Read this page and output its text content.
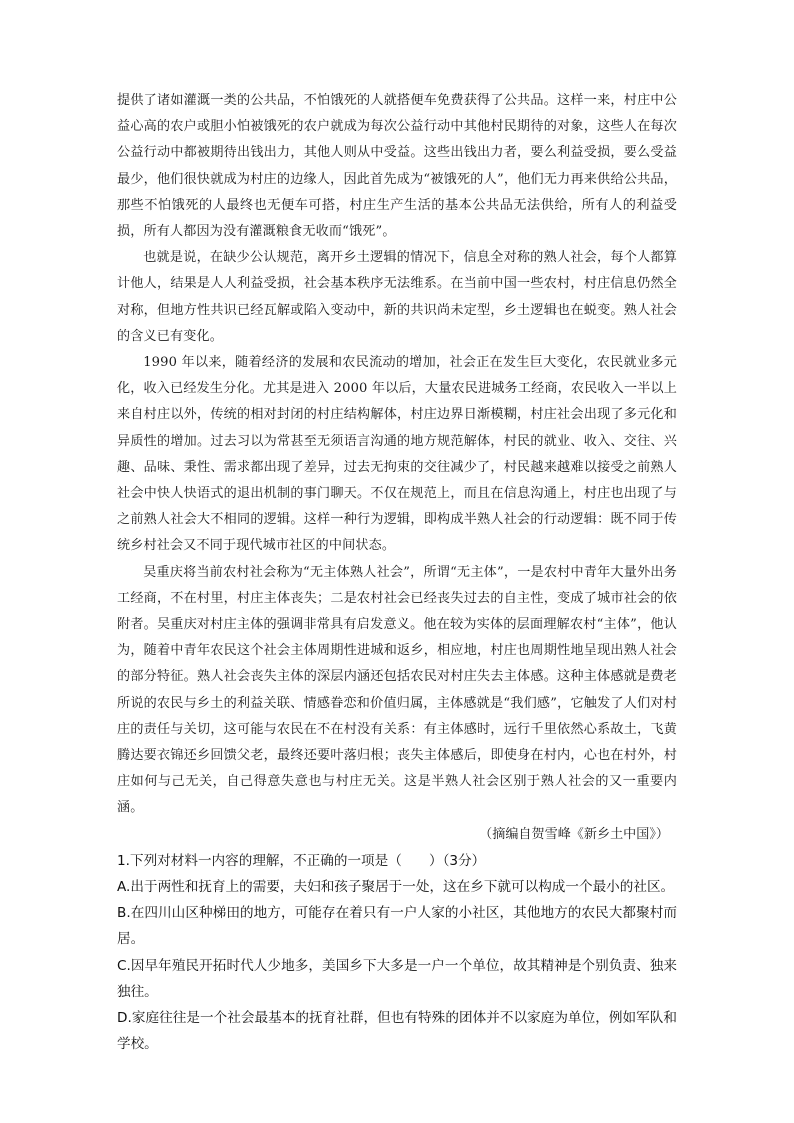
提供了诸如灌溉一类的公共品，不怕饿死的人就搭便车免费获得了公共品。这样一来，村庄中公益心高的农户或胆小怕被饿死的农户就成为每次公益行动中其他村民期待的对象，这些人在每次公益行动中都被期待出钱出力，其他人则从中受益。这些出钱出力者，要么利益受损，要么受益最少，他们很快就成为村庄的边缘人，因此首先成为“被饿死的人”，他们无力再来供给公共品，那些不怕饿死的人最终也无便车可搭，村庄生产生活的基本公共品无法供给，所有人的利益受损，所有人都因为没有灌溉粮食无收而“饿死”。

也就是说，在缺少公认规范，离开乡土逻辑的情况下，信息全对称的熟人社会，每个人都算计他人，结果是人人利益受损，社会基本秩序无法维系。在当前中国一些农村，村庄信息仍然全对称，但地方性共识已经瓦解或陷入变动中，新的共识尚未定型，乡土逻辑也在蜕变。熟人社会的含义已有变化。

1990 年以来，随着经济的发展和农民流动的增加，社会正在发生巨大变化，农民就业多元化，收入已经发生分化。尤其是进入 2000 年以后，大量农民进城务工经商，农民收入一半以上来自村庄以外，传统的相对封闭的村庄结构解体，村庄边界日渐模糊，村庄社会出现了多元化和异质性的增加。过去习以为常甚至无须语言沟通的地方规范解体，村民的就业、收入、交往、兴趣、品味、秉性、需求都出现了差异，过去无拘束的交往减少了，村民越来越难以接受之前熟人社会中快人快语式的退出机制的事门聊天。不仅在规范上，而且在信息沟通上，村庄也出现了与之前熟人社会大不相同的逻辑。这样一种行为逻辑，即构成半熟人社会的行动逻辑：既不同于传统乡村社会又不同于现代城市社区的中间状态。

吴重庆将当前农村社会称为“无主体熟人社会”，所谓“无主体”，一是农村中青年大量外出务工经商，不在村里，村庄主体丧失；二是农村社会已经丧失过去的自主性，变成了城市社会的依附者。吴重庆对村庄主体的强调非常具有启发意义。他在较为实体的层面理解农村“主体”，他认为，随着中青年农民这个社会主体周期性进城和返乡，相应地，村庄也周期性地呈现出熟人社会的部分特征。熟人社会丧失主体的深层内涵还包括农民对村庄失去主体感。这种主体感就是费老所说的农民与乡土的利益关联、情感眷恋和价值归属，主体感就是“我们感”，它触发了人们对村庄的责任与关切，这可能与农民在不在村没有关系：有主体感时，远行千里依然心系故土，飞黄腾达要衣锦还乡回馈父老，最终还要叶落归根；丧失主体感后，即使身在村内，心也在村外，村庄如何与己无关，自己得意失意也与村庄无关。这是半熟人社会区别于熟人社会的又一重要内涵。

（摘编自贺雪峰《新乡土中国》）

1.下列对材料一内容的理解，不正确的一项是（　　）（3分）

A.出于两性和抚育上的需要，夫妇和孩子聚居于一处，这在乡下就可以构成一个最小的社区。

B.在四川山区种梯田的地方，可能存在着只有一户人家的小社区，其他地方的农民大都聚村而居。

C.因早年殖民开拓时代人少地多，美国乡下大多是一户一个单位，故其精神是个别负责、独来独往。

D.家庭往往是一个社会最基本的抚育社群，但也有特殊的团体并不以家庭为单位，例如军队和学校。
